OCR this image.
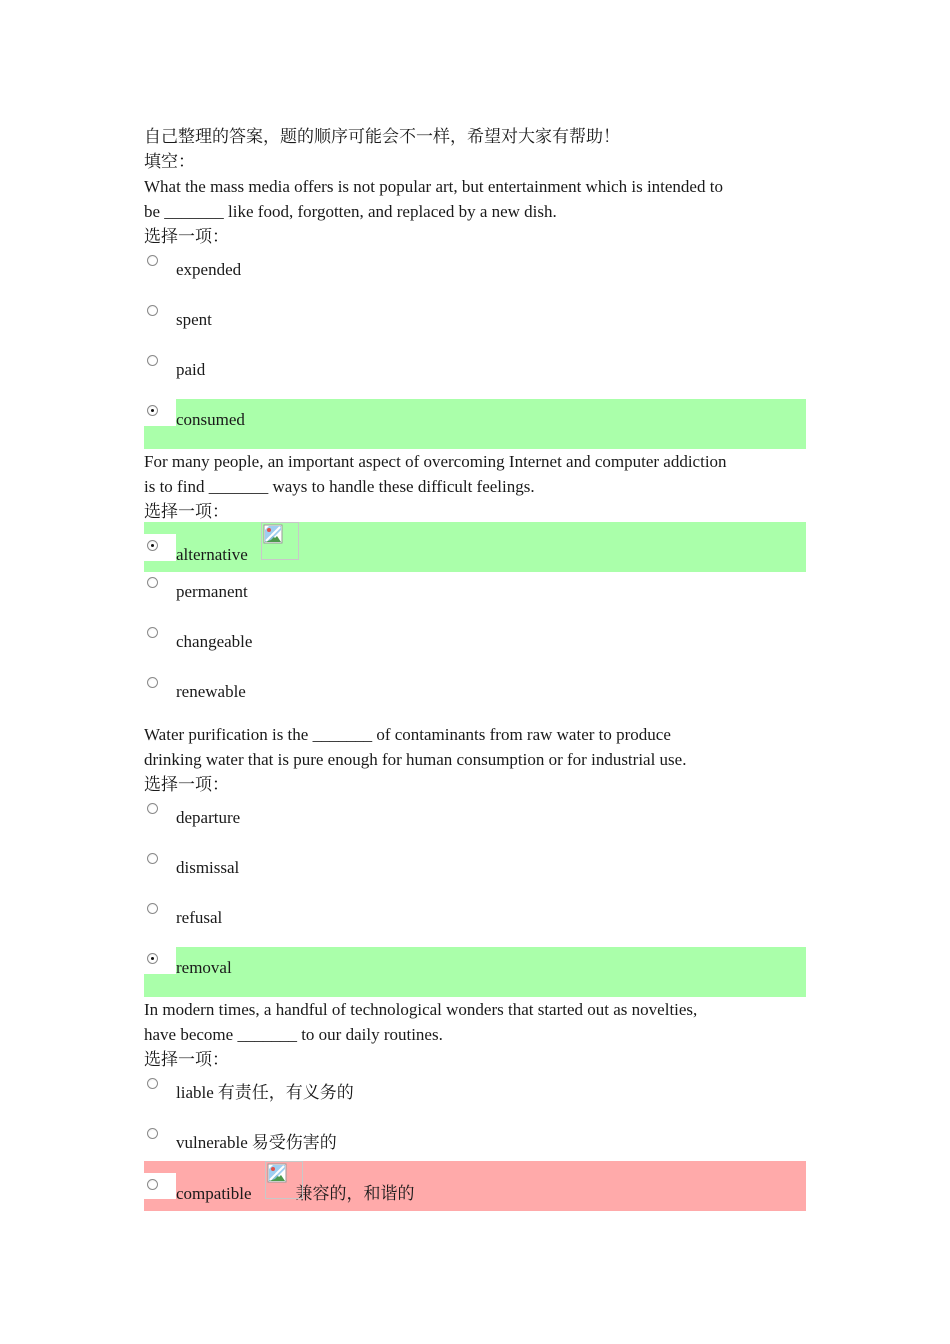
自己整理的答案，题的顺序可能会不一样，希望对大家有帮助！
填空：
What the mass media offers is not popular art, but entertainment which is intended to
be _______ like food, forgotten, and replaced by a new dish.
选择一项：
expended
spent
paid
consumed
For many people, an important aspect of overcoming Internet and computer addiction
is to find _______ ways to handle these difficult feelings.
选择一项：
alternative
permanent
changeable
renewable
Water purification is the _______ of contaminants from raw water to produce
drinking water that is pure enough for human consumption or for industrial use.
选择一项：
departure
dismissal
refusal
removal
In modern times, a handful of technological wonders that started out as novelties,
have become _______ to our daily routines.
选择一项：
liable 有责任，有义务的
vulnerable 易受伤害的
compatible	兼容的，和谐的
